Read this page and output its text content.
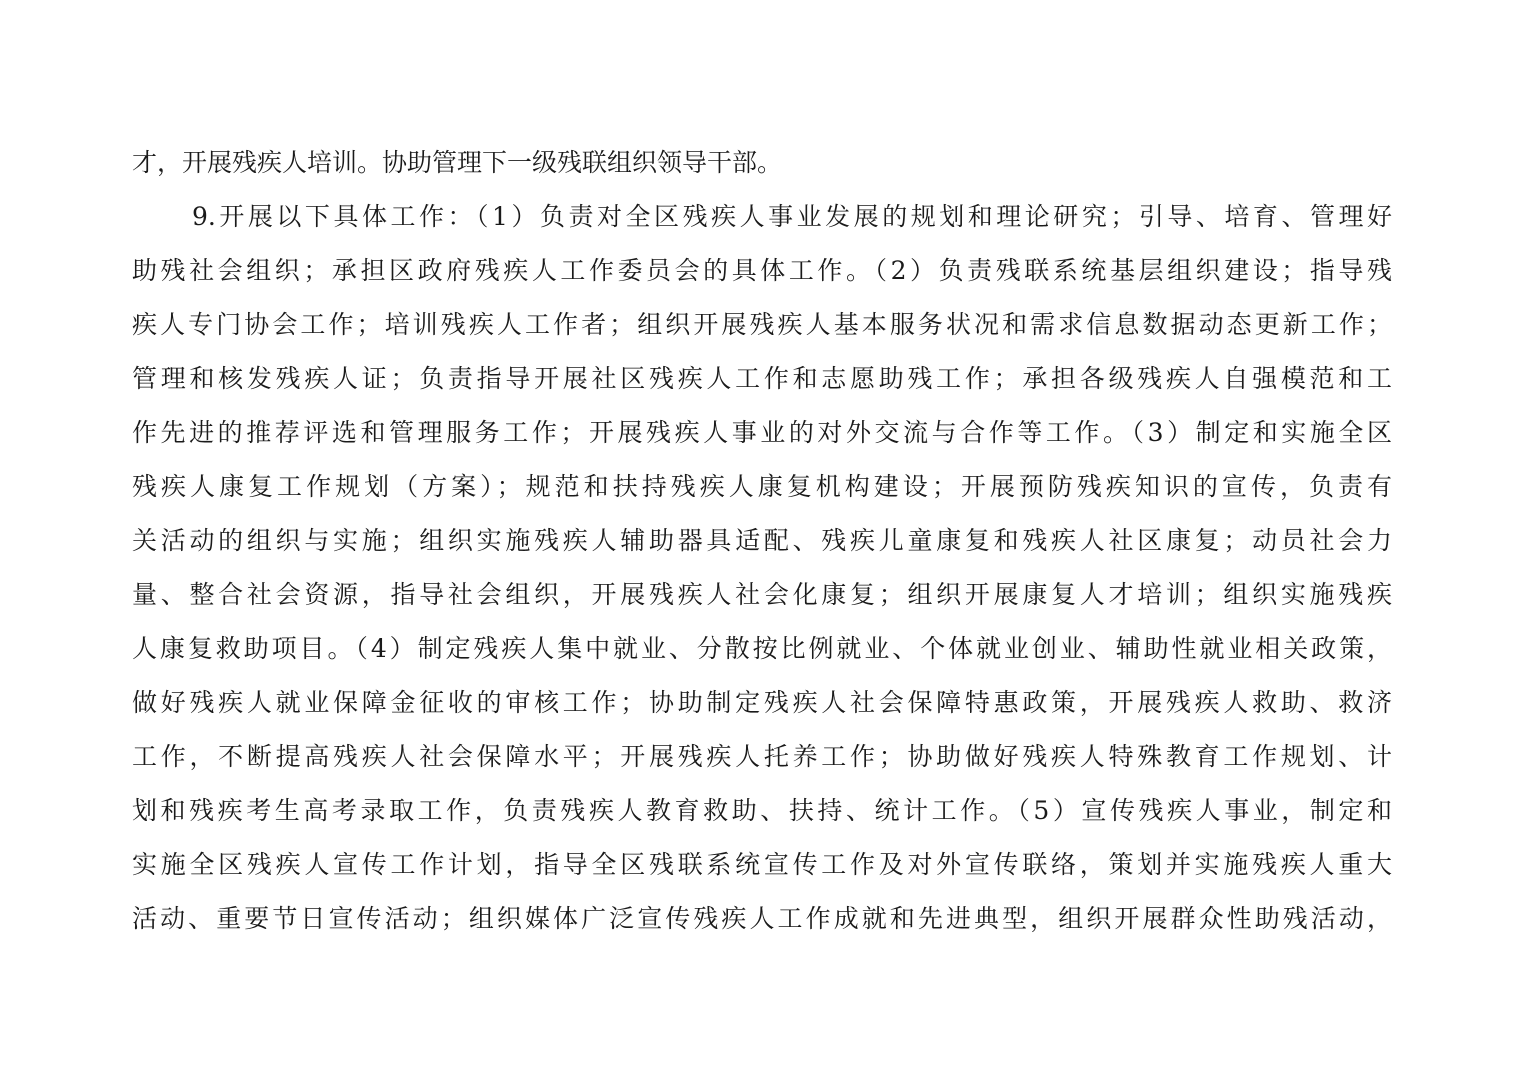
才，开展残疾人培训。协助管理下一级残联组织领导干部。
9.开展以下具体工作：（1）负责对全区残疾人事业发展的规划和理论研究；引导、培育、管理好
助残社会组织；承担区政府残疾人工作委员会的具体工作。（2）负责残联系统基层组织建设；指导残
疾人专门协会工作；培训残疾人工作者；组织开展残疾人基本服务状况和需求信息数据动态更新工作；
管理和核发残疾人证；负责指导开展社区残疾人工作和志愿助残工作；承担各级残疾人自强模范和工
作先进的推荐评选和管理服务工作；开展残疾人事业的对外交流与合作等工作。（3）制定和实施全区
残疾人康复工作规划（方案）；规范和扶持残疾人康复机构建设；开展预防残疾知识的宣传，负责有
关活动的组织与实施；组织实施残疾人辅助器具适配、残疾儿童康复和残疾人社区康复；动员社会力
量、整合社会资源，指导社会组织，开展残疾人社会化康复；组织开展康复人才培训；组织实施残疾
人康复救助项目。（4）制定残疾人集中就业、分散按比例就业、个体就业创业、辅助性就业相关政策，
做好残疾人就业保障金征收的审核工作；协助制定残疾人社会保障特惠政策，开展残疾人救助、救济
工作，不断提高残疾人社会保障水平；开展残疾人托养工作；协助做好残疾人特殊教育工作规划、计
划和残疾考生高考录取工作，负责残疾人教育救助、扶持、统计工作。（5）宣传残疾人事业，制定和
实施全区残疾人宣传工作计划，指导全区残联系统宣传工作及对外宣传联络，策划并实施残疾人重大
活动、重要节日宣传活动；组织媒体广泛宣传残疾人工作成就和先进典型，组织开展群众性助残活动，
